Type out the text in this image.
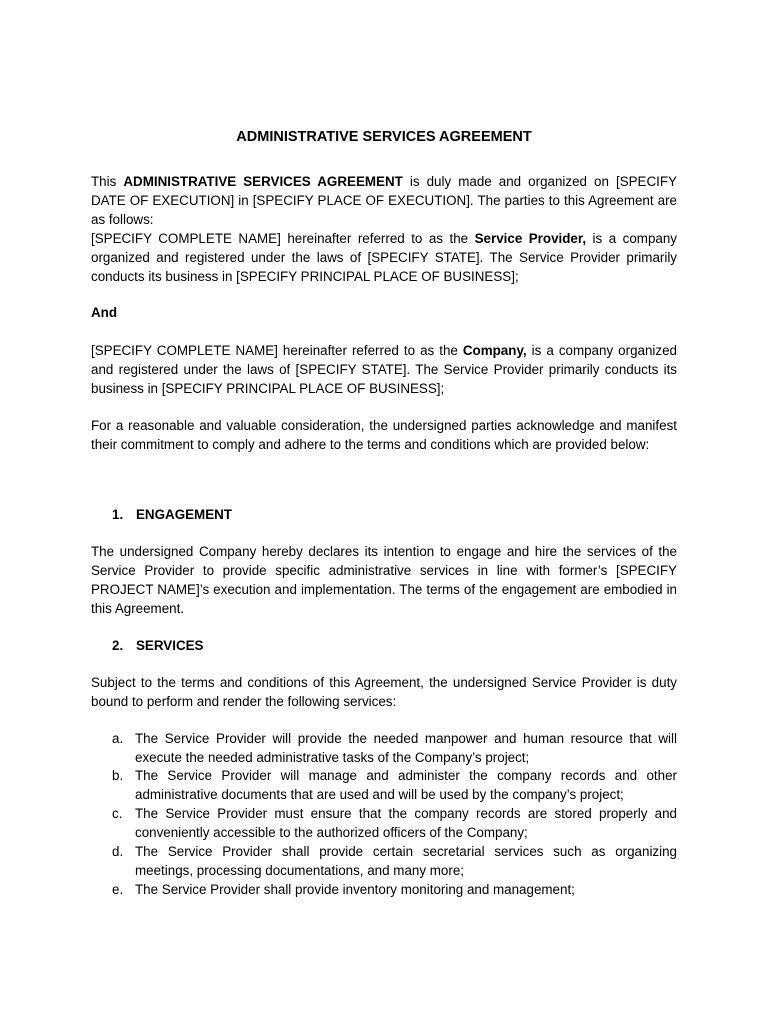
ADMINISTRATIVE SERVICES AGREEMENT

This ADMINISTRATIVE SERVICES AGREEMENT is duly made and organized on [SPECIFY DATE OF EXECUTION] in [SPECIFY PLACE OF EXECUTION]. The parties to this Agreement are as follows:

[SPECIFY COMPLETE NAME] hereinafter referred to as the Service Provider, is a company organized and registered under the laws of [SPECIFY STATE]. The Service Provider primarily conducts its business in [SPECIFY PRINCIPAL PLACE OF BUSINESS];

And

[SPECIFY COMPLETE NAME] hereinafter referred to as the Company, is a company organized and registered under the laws of [SPECIFY STATE]. The Service Provider primarily conducts its business in [SPECIFY PRINCIPAL PLACE OF BUSINESS];

For a reasonable and valuable consideration, the undersigned parties acknowledge and manifest their commitment to comply and adhere to the terms and conditions which are provided below:

1. ENGAGEMENT

The undersigned Company hereby declares its intention to engage and hire the services of the Service Provider to provide specific administrative services in line with former’s [SPECIFY PROJECT NAME]’s execution and implementation. The terms of the engagement are embodied in this Agreement.

2. SERVICES

Subject to the terms and conditions of this Agreement, the undersigned Service Provider is duty bound to perform and render the following services:

a. The Service Provider will provide the needed manpower and human resource that will execute the needed administrative tasks of the Company’s project;
b. The Service Provider will manage and administer the company records and other administrative documents that are used and will be used by the company’s project;
c. The Service Provider must ensure that the company records are stored properly and conveniently accessible to the authorized officers of the Company;
d. The Service Provider shall provide certain secretarial services such as organizing meetings, processing documentations, and many more;
e. The Service Provider shall provide inventory monitoring and management;
